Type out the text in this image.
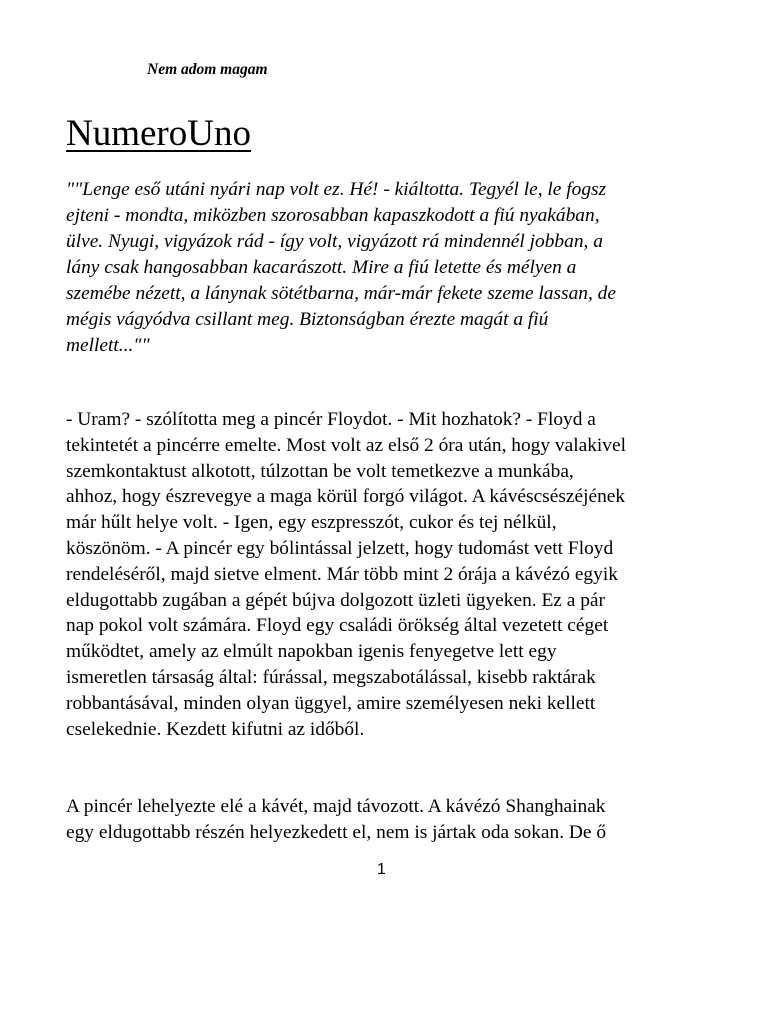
Nem adom magam
NumeroUno
""Lenge eső utáni nyári nap volt ez. Hé! - kiáltotta. Tegyél le, le fogsz
ejteni - mondta, miközben szorosabban kapaszkodott a fiú nyakában,
ülve. Nyugi, vigyázok rád - így volt, vigyázott rá mindennél jobban, a
lány csak hangosabban kacarászott. Mire a fiú letette és mélyen a
szemébe nézett, a lánynak sötétbarna, már-már fekete szeme lassan, de
mégis vágyódva csillant meg. Biztonságban érezte magát a fiú
mellett...""
- Uram? - szólította meg a pincér Floydot. - Mit hozhatok? - Floyd a
tekintetét a pincérre emelte. Most volt az első 2 óra után, hogy valakivel
szemkontaktust alkotott, túlzottan be volt temetkezve a munkába,
ahhoz, hogy észrevegye a maga körül forgó világot. A kávéscsészéjének
már hűlt helye volt. - Igen, egy eszpresszót, cukor és tej nélkül,
köszönöm. - A pincér egy bólintással jelzett, hogy tudomást vett Floyd
rendeléséről, majd sietve elment. Már több mint 2 órája a kávézó egyik
eldugottabb zugában a gépét bújva dolgozott üzleti ügyeken. Ez a pár
nap pokol volt számára. Floyd egy családi örökség által vezetett céget
működtet, amely az elmúlt napokban igenis fenyegetve lett egy
ismeretlen társaság által: fúrással, megszabotálással, kisebb raktárak
robbantásával, minden olyan üggyel, amire személyesen neki kellett
cselekednie. Kezdett kifutni az időből.
A pincér lehelyezte elé a kávét, majd távozott. A kávézó Shanghainak
egy eldugottabb részén helyezkedett el, nem is jártak oda sokan. De ő
1
